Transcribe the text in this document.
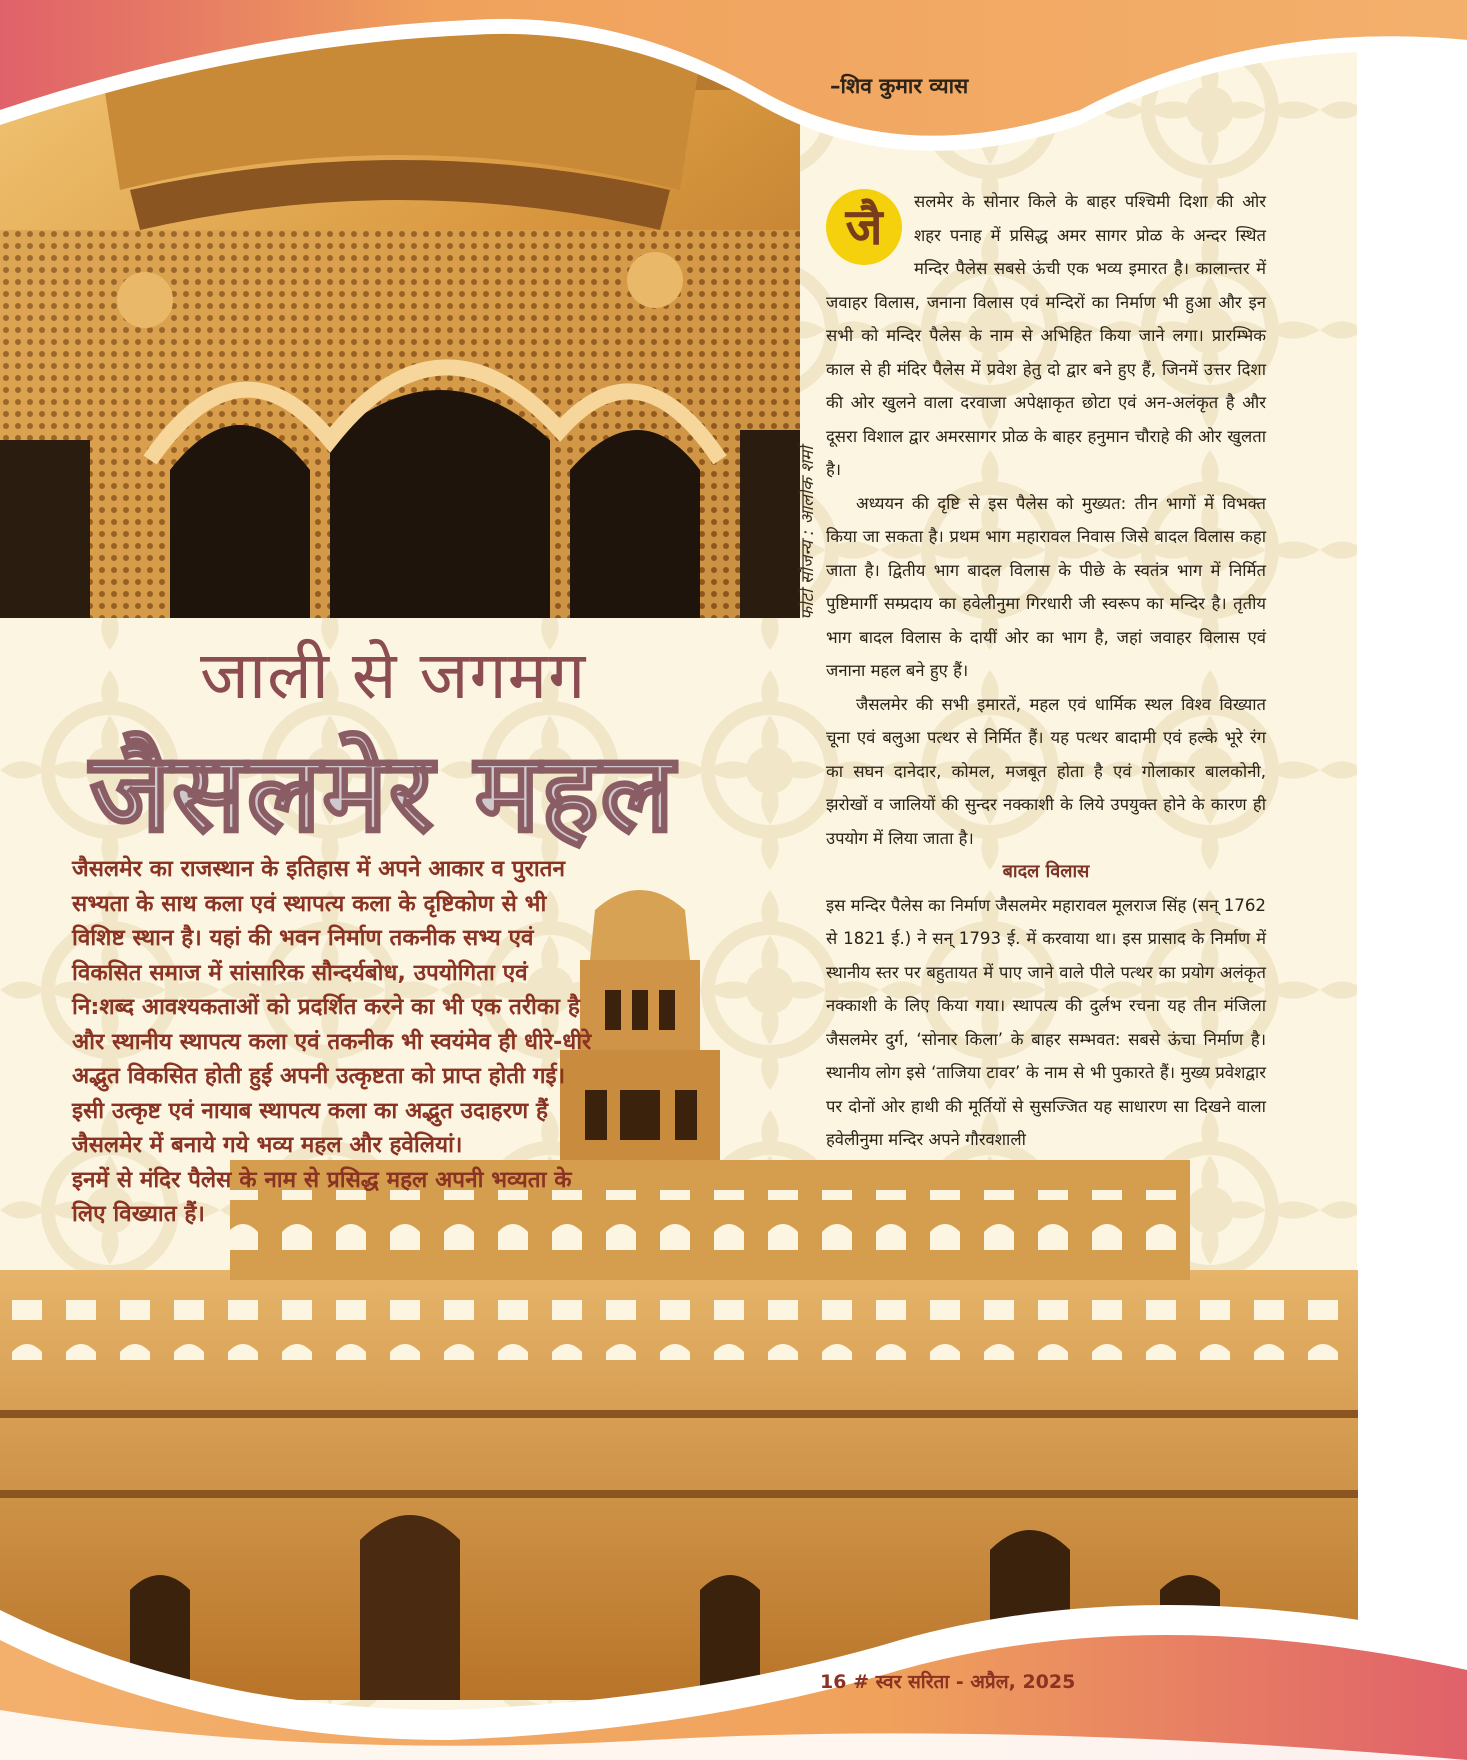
फोटो सौजन्य : आलोक शर्मा
–शिव कुमार व्यास
जाली से जगमग
जैसलमेर महल

जैसलमेर का राजस्थान के इतिहास में अपने आकार व पुरातन सभ्यता के साथ कला एवं स्थापत्य कला के दृष्टिकोण से भी विशिष्ट स्थान है। यहां की भवन निर्माण तकनीक सभ्य एवं विकसित समाज में सांसारिक सौन्दर्यबोध, उपयोगिता एवं नि:शब्द आवश्यकताओं को प्रदर्शित करने का भी एक तरीका है और स्थानीय स्थापत्य कला एवं तकनीक भी स्वयंमेव ही धीरे-धीरे अद्भुत विकसित होती हुई अपनी उत्कृष्टता को प्राप्त होती गई। इसी उत्कृष्ट एवं नायाब स्थापत्य कला का अद्भुत उदाहरण हैं जैसलमेर में बनाये गये भव्य महल और हवेलियां।

इनमें से मंदिर पैलेस के नाम से प्रसिद्ध महल अपनी भव्यता के लिए विख्यात हैं।

जै	सलमेर के सोनार किले के बाहर पश्चिमी दिशा की ओर शहर पनाह में प्रसिद्ध अमर सागर प्रोळ के अन्दर स्थित मन्दिर पैलेस सबसे ऊंची एक भव्य इमारत है। कालान्तर में जवाहर विलास, जनाना विलास एवं मन्दिरों का निर्माण भी हुआ और इन सभी को मन्दिर पैलेस के नाम से अभिहित किया जाने लगा। प्रारम्भिक काल से ही मंदिर पैलेस में प्रवेश हेतु दो द्वार बने हुए हैं, जिनमें उत्तर दिशा की ओर खुलने वाला दरवाजा अपेक्षाकृत छोटा एवं अन-अलंकृत है और दूसरा विशाल द्वार अमरसागर प्रोळ के बाहर हनुमान चौराहे की ओर खुलता है।

अध्ययन की दृष्टि से इस पैलेस को मुख्यत: तीन भागों में विभक्त किया जा सकता है। प्रथम भाग महारावल निवास जिसे बादल विलास कहा जाता है। द्वितीय भाग बादल विलास के पीछे के स्वतंत्र भाग में निर्मित पुष्टिमार्गी सम्प्रदाय का हवेलीनुमा गिरधारी जी स्वरूप का मन्दिर है। तृतीय भाग बादल विलास के दायीं ओर का भाग है, जहां जवाहर विलास एवं जनाना महल बने हुए हैं।

जैसलमेर की सभी इमारतें, महल एवं धार्मिक स्थल विश्व विख्यात चूना एवं बलुआ पत्थर से निर्मित हैं। यह पत्थर बादामी एवं हल्के भूरे रंग का सघन दानेदार, कोमल, मजबूत होता है एवं गोलाकार बालकोनी, झरोखों व जालियों की सुन्दर नक्काशी के लिये उपयुक्त होने के कारण ही उपयोग में लिया जाता है।

बादल विलास

इस मन्दिर पैलेस का निर्माण जैसलमेर महारावल मूलराज सिंह (सन् 1762 से 1821 ई.) ने सन् 1793 ई. में करवाया था। इस प्रासाद के निर्माण में स्थानीय स्तर पर बहुतायत में पाए जाने वाले पीले पत्थर का प्रयोग अलंकृत नक्काशी के लिए किया गया। स्थापत्य की दुर्लभ रचना यह तीन मंजिला जैसलमेर दुर्ग, ‘सोनार किला’ के बाहर सम्भवत: सबसे ऊंचा निर्माण है। स्थानीय लोग इसे ‘ताजिया टावर’ के नाम से भी पुकारते हैं। मुख्य प्रवेशद्वार पर दोनों ओर हाथी की मूर्तियों से सुसज्जित यह साधारण सा दिखने वाला हवेलीनुमा मन्दिर अपने गौरवशाली

16 # स्वर सरिता - अप्रैल, 2025
